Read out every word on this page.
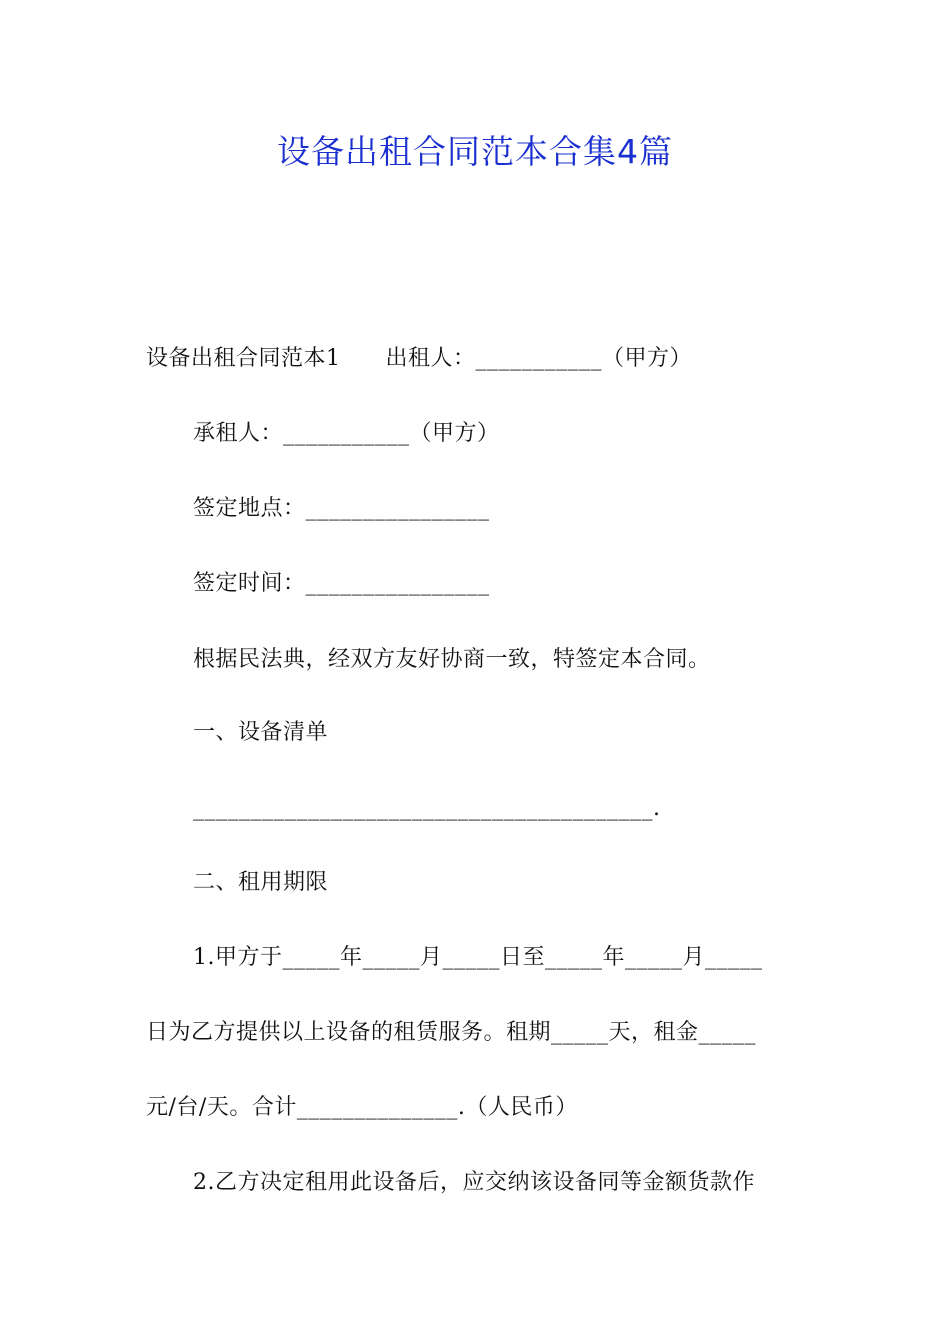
设备出租合同范本合集4篇
设备出租合同范本1　　出租人：___________（甲方）
承租人：___________（甲方）
签定地点：________________
签定时间：________________
根据民法典，经双方友好协商一致，特签定本合同。
一、设备清单
________________________________________.
二、租用期限
1.甲方于_____年_____月_____日至_____年_____月_____
日为乙方提供以上设备的租赁服务。租期_____天，租金_____
元/台/天。合计______________.（人民币）
2.乙方决定租用此设备后，应交纳该设备同等金额货款作
